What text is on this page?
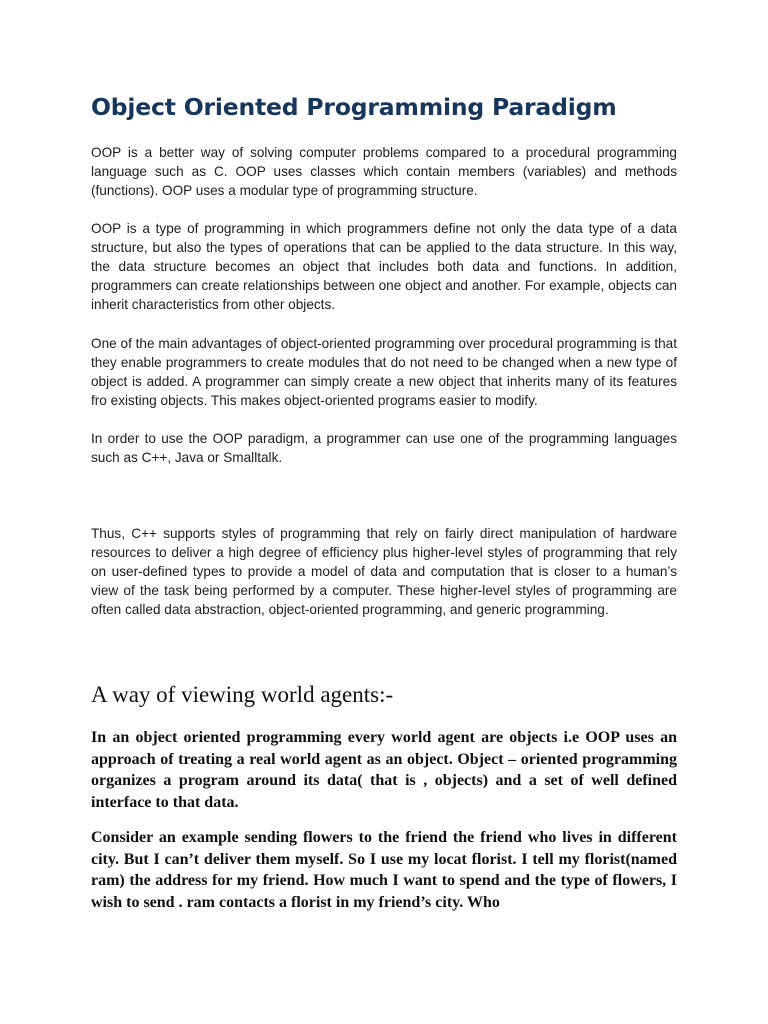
Object Oriented Programming Paradigm

OOP is a better way of solving computer problems compared to a procedural programming language such as C. OOP uses classes which contain members (variables) and methods (functions). OOP uses a modular type of programming structure.

OOP is a type of programming in which programmers define not only the data type of a data structure, but also the types of operations that can be applied to the data structure. In this way, the data structure becomes an object that includes both data and functions. In addition, programmers can create relationships between one object and another. For example, objects can inherit characteristics from other objects.

One of the main advantages of object-oriented programming over procedural programming is that they enable programmers to create modules that do not need to be changed when a new type of object is added. A programmer can simply create a new object that inherits many of its features fro existing objects. This makes object-oriented programs easier to modify.

In order to use the OOP paradigm, a programmer can use one of the programming languages such as C++, Java or Smalltalk.

Thus, C++ supports styles of programming that rely on fairly direct manipulation of hardware resources to deliver a high degree of efficiency plus higher-level styles of programming that rely on user-defined types to provide a model of data and computation that is closer to a human’s view of the task being performed by a computer. These higher-level styles of programming are often called data abstraction, object-oriented programming, and generic programming.

A way of viewing world agents:-

In an object oriented programming every world agent are objects i.e OOP uses an approach of treating a real world agent as an object. Object – oriented programming organizes a program around its data( that is , objects) and a set of well defined interface to that data.

Consider an example sending flowers to the friend the friend who lives in different city. But I can’t deliver them myself. So I use my locat florist. I tell my florist(named ram) the address for my friend. How much I want to spend and the type of flowers, I wish to send . ram contacts a florist in my friend’s city. Who
